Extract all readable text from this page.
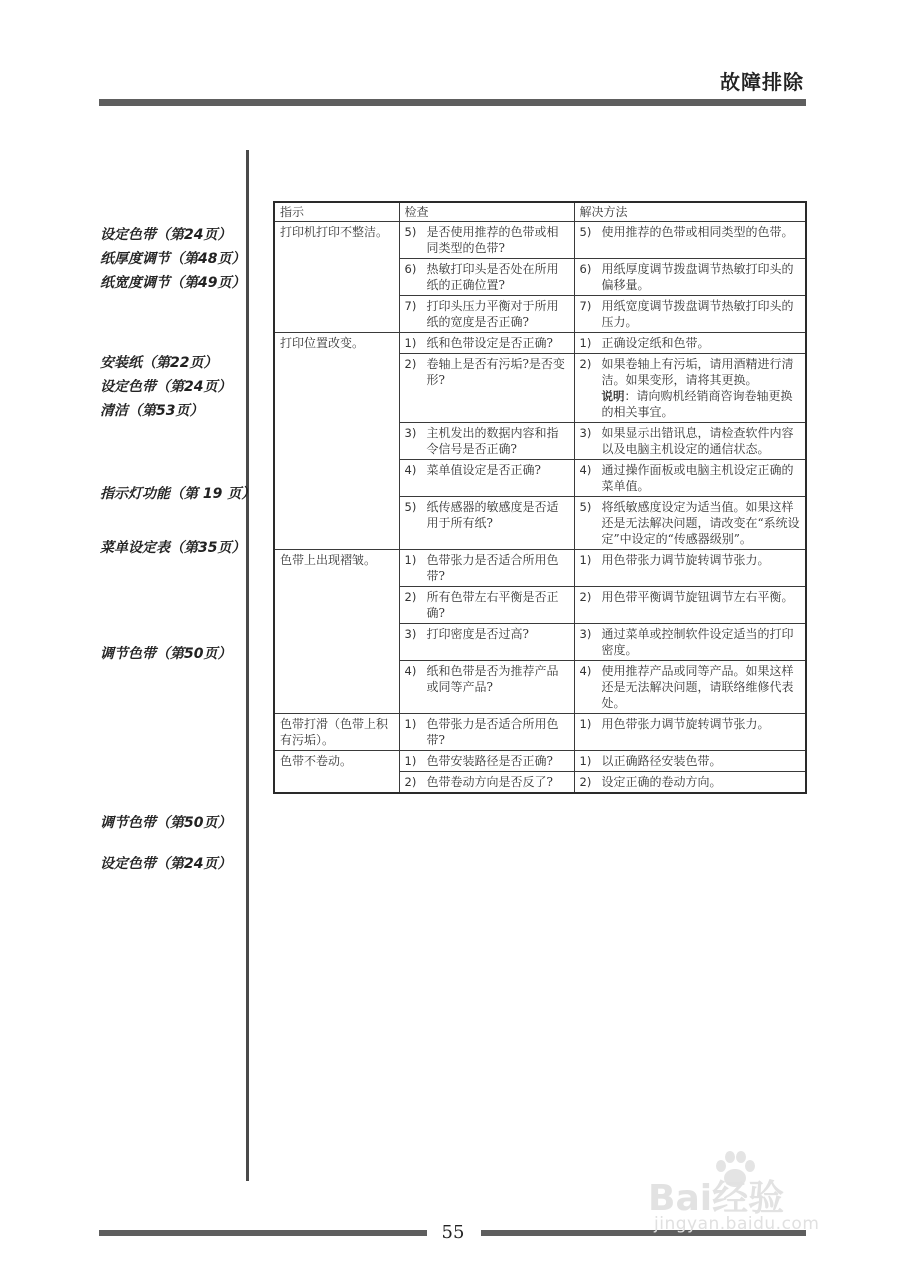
故障排除
设定色带（第24页）
纸厚度调节（第48页）
纸宽度调节（第49页）
安装纸（第22页）
设定色带（第24页）
清洁（第53页）
指示灯功能（第 19 页）
菜单设定表（第35页）
调节色带（第50页）
调节色带（第50页）
设定色带（第24页）
指示	检查	解决方法
打印机打印不整洁。	5) 是否使用推荐的色带或相同类型的色带?	5) 使用推荐的色带或相同类型的色带。

	6) 热敏打印头是否处在所用纸的正确位置?	6) 用纸厚度调节拨盘调节热敏打印头的偏移量。

	7) 打印头压力平衡对于所用纸的宽度是否正确?	7) 用纸宽度调节拨盘调节热敏打印头的压力。

打印位置改变。	1) 纸和色带设定是否正确?	1) 正确设定纸和色带。

	2) 卷轴上是否有污垢?是否变形?	2) 如果卷轴上有污垢，请用酒精进行清洁。如果变形，请将其更换。
说明：请向购机经销商咨询卷轴更换的相关事宜。

	3) 主机发出的数据内容和指令信号是否正确?	3) 如果显示出错讯息，请检查软件内容以及电脑主机设定的通信状态。

	4) 菜单值设定是否正确?	4) 通过操作面板或电脑主机设定正确的菜单值。

	5) 纸传感器的敏感度是否适用于所有纸?	5) 将纸敏感度设定为适当值。如果这样还是无法解决问题，请改变在“系统设定”中设定的“传感器级别”。

色带上出现褶皱。	1) 色带张力是否适合所用色带?	1) 用色带张力调节旋转调节张力。

	2) 所有色带左右平衡是否正确?	2) 用色带平衡调节旋钮调节左右平衡。

	3) 打印密度是否过高?	3) 通过菜单或控制软件设定适当的打印密度。

	4) 纸和色带是否为推荐产品或同等产品?	4) 使用推荐产品或同等产品。如果这样还是无法解决问题，请联络维修代表处。

色带打滑（色带上积有污垢）。	1) 色带张力是否适合所用色带?	1) 用色带张力调节旋转调节张力。

色带不卷动。	1) 色带安装路径是否正确?	1) 以正确路径安装色带。

	2) 色带卷动方向是否反了?	2) 设定正确的卷动方向。
55
Bai经验
jingyan.baidu.com
